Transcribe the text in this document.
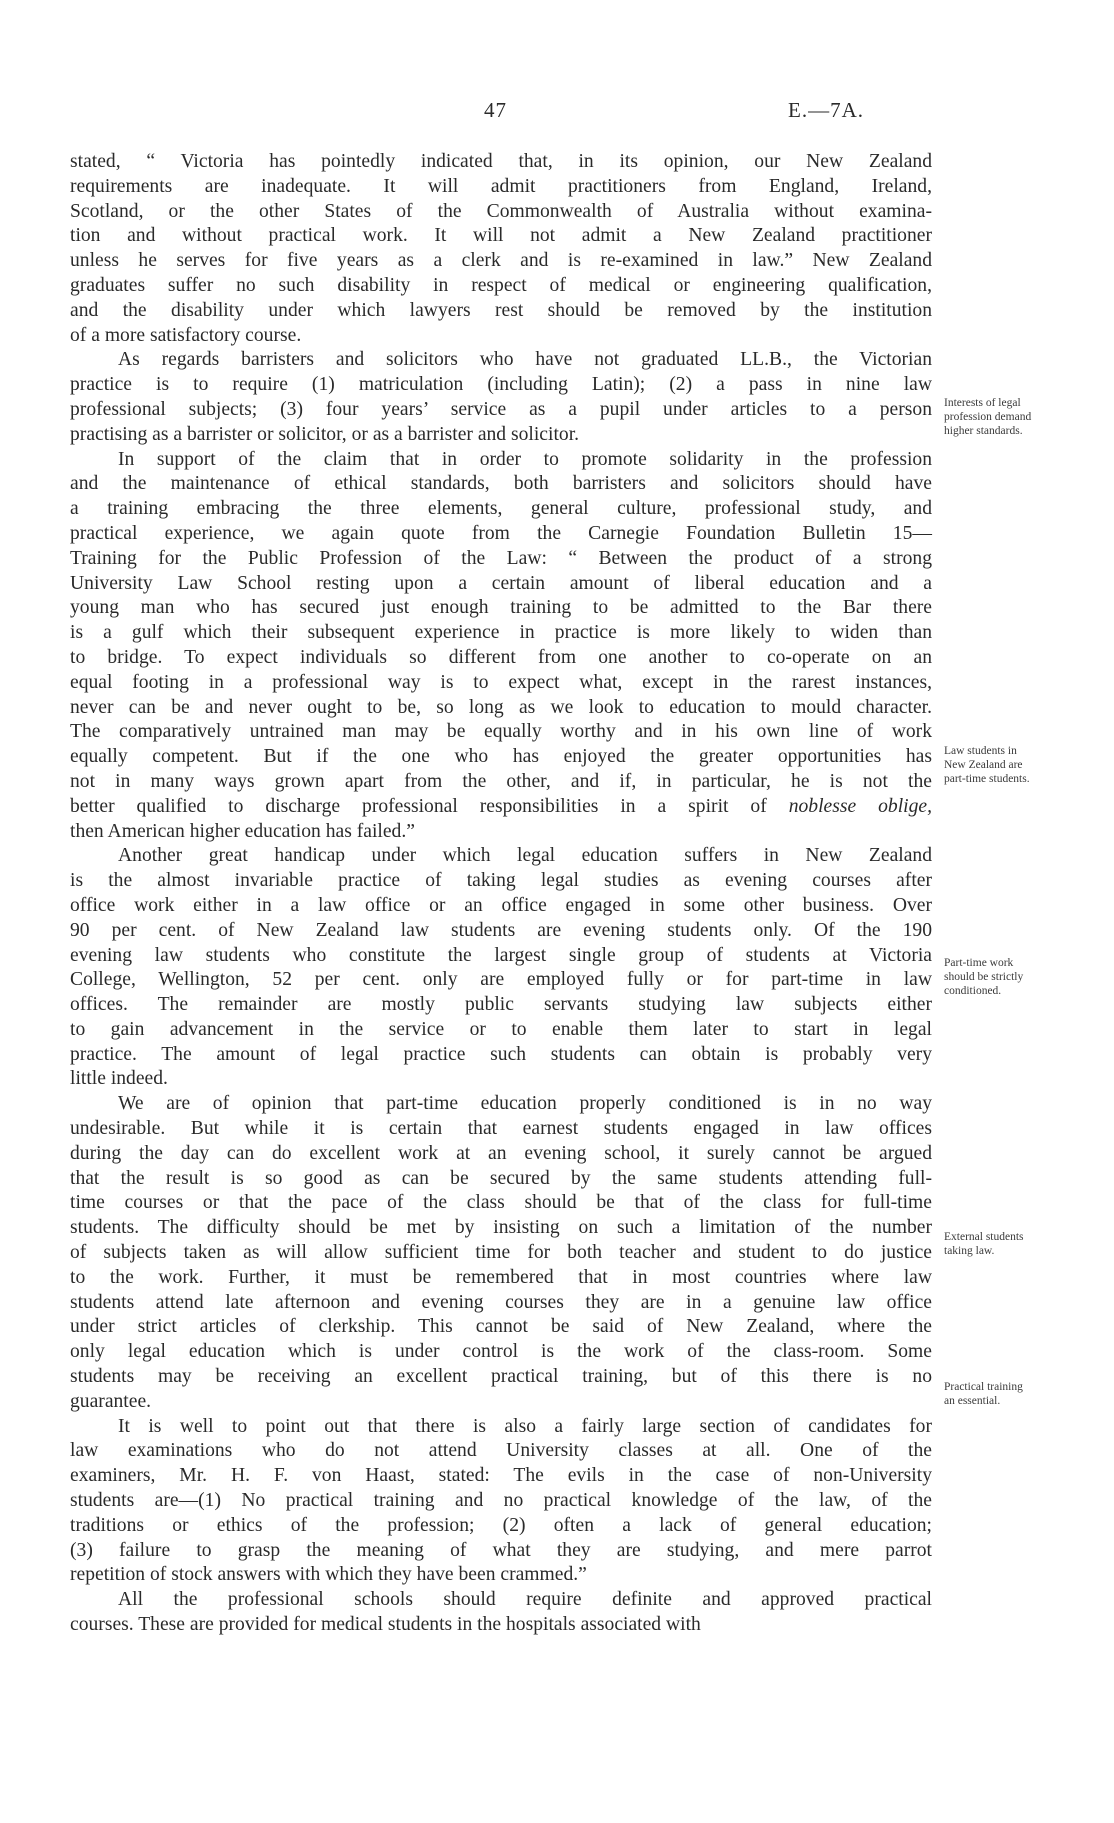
47	E.—7A.

stated, “ Victoria has pointedly indicated that, in its opinion, our New Zealand
requirements are inadequate. It will admit practitioners from England, Ireland,
Scotland, or the other States of the Commonwealth of Australia without examina-
tion and without practical work. It will not admit a New Zealand practitioner
unless he serves for five years as a clerk and is re-examined in law.” New Zealand
graduates suffer no such disability in respect of medical or engineering qualification,
and the disability under which lawyers rest should be removed by the institution
of a more satisfactory course.

As regards barristers and solicitors who have not graduated LL.B., the Victorian
practice is to require (1) matriculation (including Latin); (2) a pass in nine law
professional subjects; (3) four years’ service as a pupil under articles to a person
practising as a barrister or solicitor, or as a barrister and solicitor.

In support of the claim that in order to promote solidarity in the profession
and the maintenance of ethical standards, both barristers and solicitors should have
a training embracing the three elements, general culture, professional study, and
practical experience, we again quote from the Carnegie Foundation Bulletin 15—
Training for the Public Profession of the Law: “ Between the product of a strong
University Law School resting upon a certain amount of liberal education and a
young man who has secured just enough training to be admitted to the Bar there
is a gulf which their subsequent experience in practice is more likely to widen than
to bridge. To expect individuals so different from one another to co-operate on an
equal footing in a professional way is to expect what, except in the rarest instances,
never can be and never ought to be, so long as we look to education to mould character.
The comparatively untrained man may be equally worthy and in his own line of work
equally competent. But if the one who has enjoyed the greater opportunities has
not in many ways grown apart from the other, and if, in particular, he is not the
better qualified to discharge professional responsibilities in a spirit of noblesse oblige,
then American higher education has failed.”

Another great handicap under which legal education suffers in New Zealand
is the almost invariable practice of taking legal studies as evening courses after
office work either in a law office or an office engaged in some other business. Over
90 per cent. of New Zealand law students are evening students only. Of the 190
evening law students who constitute the largest single group of students at Victoria
College, Wellington, 52 per cent. only are employed fully or for part-time in law
offices. The remainder are mostly public servants studying law subjects either
to gain advancement in the service or to enable them later to start in legal
practice. The amount of legal practice such students can obtain is probably very
little indeed.

We are of opinion that part-time education properly conditioned is in no way
undesirable. But while it is certain that earnest students engaged in law offices
during the day can do excellent work at an evening school, it surely cannot be argued
that the result is so good as can be secured by the same students attending full-
time courses or that the pace of the class should be that of the class for full-time
students. The difficulty should be met by insisting on such a limitation of the number
of subjects taken as will allow sufficient time for both teacher and student to do justice
to the work. Further, it must be remembered that in most countries where law
students attend late afternoon and evening courses they are in a genuine law office
under strict articles of clerkship. This cannot be said of New Zealand, where the
only legal education which is under control is the work of the class-room. Some
students may be receiving an excellent practical training, but of this there is no
guarantee.

It is well to point out that there is also a fairly large section of candidates for
law examinations who do not attend University classes at all. One of the
examiners, Mr. H. F. von Haast, stated: The evils in the case of non-University
students are—(1) No practical training and no practical knowledge of the law, of the
traditions or ethics of the profession; (2) often a lack of general education;
(3) failure to grasp the meaning of what they are studying, and mere parrot
repetition of stock answers with which they have been crammed.”

All the professional schools should require definite and approved practical
courses. These are provided for medical students in the hospitals associated with

Interests of legal
profession demand
higher standards.
Law students in
New Zealand are
part-time students.
Part-time work
should be strictly
conditioned.
External students
taking law.
Practical training
an essential.
